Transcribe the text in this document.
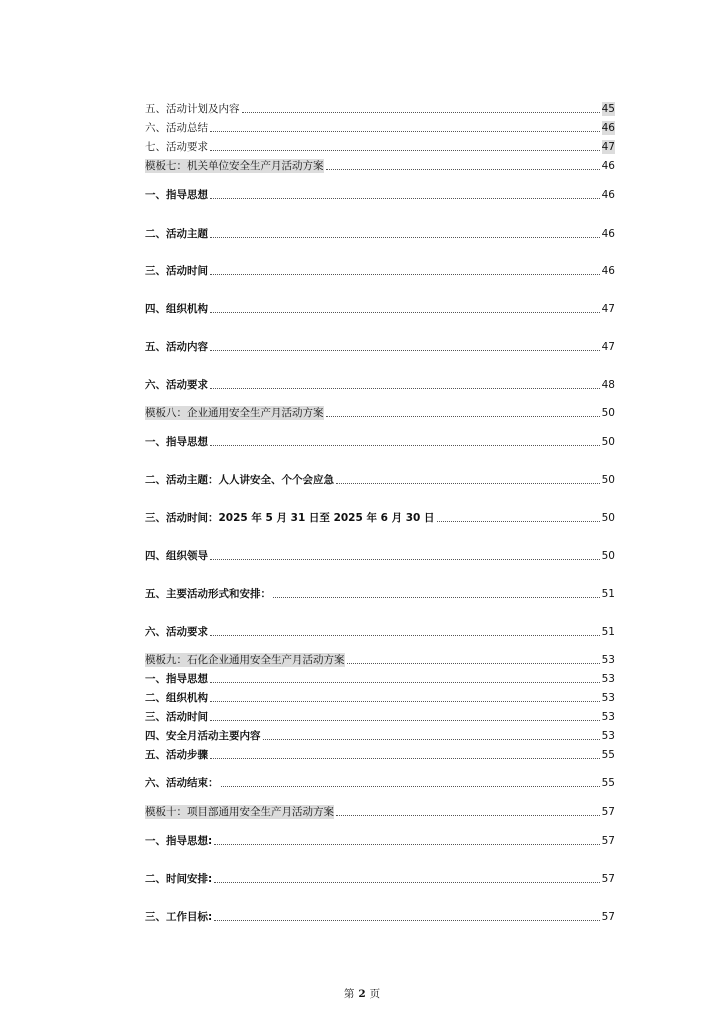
五、活动计划及内容	45
六、活动总结	46
七、活动要求	47
模板七：机关单位安全生产月活动方案	46
一、指导思想	46
二、活动主题	46
三、活动时间	46
四、组织机构	47
五、活动内容	47
六、活动要求	48
模板八：企业通用安全生产月活动方案	50
一、指导思想	50
二、活动主题：人人讲安全、个个会应急	50
三、活动时间：2025 年 5 月 31 日至 2025 年 6 月 30 日	50
四、组织领导	50
五、主要活动形式和安排：	51
六、活动要求	51
模板九：石化企业通用安全生产月活动方案	53
一、指导思想	53
二、组织机构	53
三、活动时间	53
四、安全月活动主要内容	53
五、活动步骤	55
六、活动结束：	55
模板十：项目部通用安全生产月活动方案	57
一、指导思想:	57
二、时间安排:	57
三、工作目标:	57
第 2 页
